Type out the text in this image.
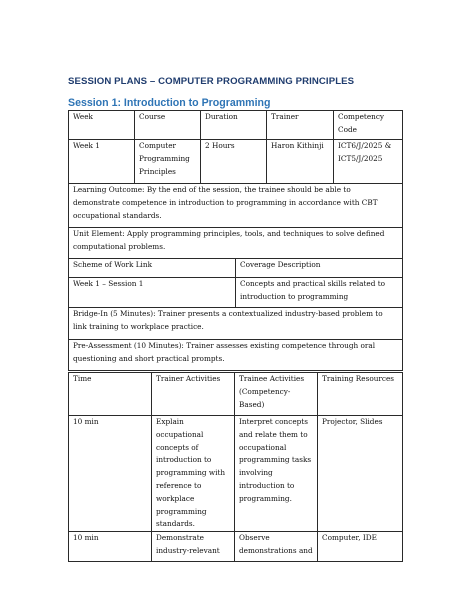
SESSION PLANS – COMPUTER PROGRAMMING PRINCIPLES
Session 1: Introduction to Programming
Week	Course	Duration	Trainer	Competency Code
Week 1	Computer Programming Principles	2 Hours	Haron Kithinji	ICT6/J/2025 & ICT5/J/2025
Learning Outcome: By the end of the session, the trainee should be able to demonstrate competence in introduction to programming in accordance with CBT occupational standards.				
Unit Element: Apply programming principles, tools, and techniques to solve defined computational problems.				
Scheme of Work Link	Coverage Description
Week 1 – Session 1	Concepts and practical skills related to introduction to programming
Bridge-In (5 Minutes): Trainer presents a contextualized industry-based problem to link training to workplace practice.	
Pre-Assessment (10 Minutes): Trainer assesses existing competence through oral questioning and short practical prompts.	
Time	Trainer Activities	Trainee Activities (Competency-Based)	Training Resources
10 min	Explain occupational concepts of introduction to programming with reference to workplace programming standards.	Interpret concepts and relate them to occupational programming tasks involving introduction to programming.	Projector, Slides
10 min	Demonstrate industry-relevant	Observe demonstrations and	Computer, IDE
